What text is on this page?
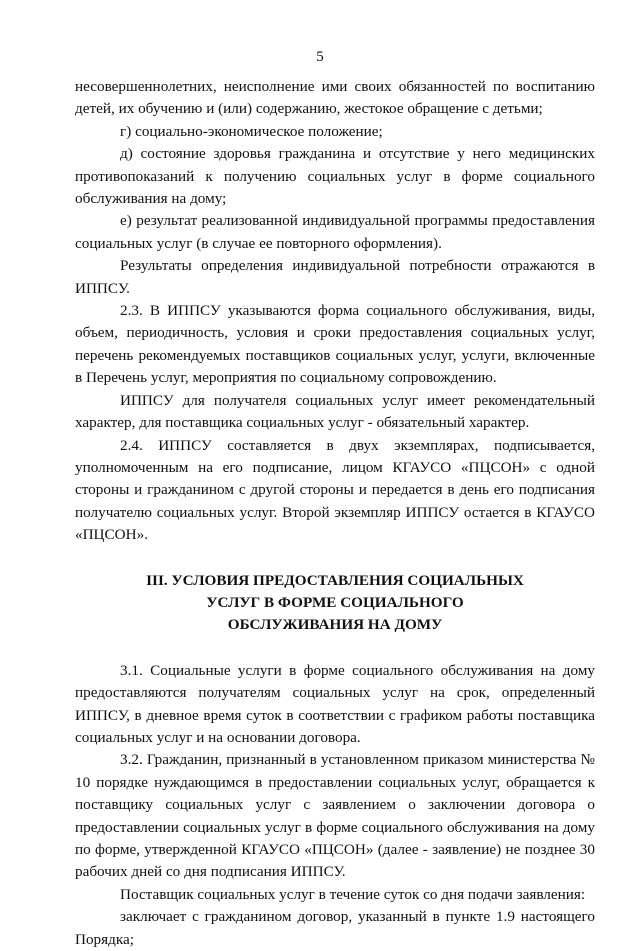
5

несовершеннолетних, неисполнение ими своих обязанностей по воспитанию детей, их обучению и (или) содержанию, жестокое обращение с детьми;

г) социально-экономическое положение;

д) состояние здоровья гражданина и отсутствие у него медицинских противопоказаний к получению социальных услуг в форме социального обслуживания на дому;

е) результат реализованной индивидуальной программы предоставления социальных услуг (в случае ее повторного оформления).

Результаты определения индивидуальной потребности отражаются в ИППСУ.

2.3. В ИППСУ указываются форма социального обслуживания, виды, объем, периодичность, условия и сроки предоставления социальных услуг, перечень рекомендуемых поставщиков социальных услуг, услуги, включенные в Перечень услуг, мероприятия по социальному сопровождению.

ИППСУ для получателя социальных услуг имеет рекомендательный характер, для поставщика социальных услуг - обязательный характер.

2.4. ИППСУ составляется в двух экземплярах, подписывается, уполномоченным на его подписание, лицом КГАУСО «ПЦСОН» с одной стороны и гражданином с другой стороны и передается в день его подписания получателю социальных услуг. Второй экземпляр ИППСУ остается в КГАУСО «ПЦСОН».

III. УСЛОВИЯ ПРЕДОСТАВЛЕНИЯ СОЦИАЛЬНЫХ
УСЛУГ В ФОРМЕ СОЦИАЛЬНОГО
ОБСЛУЖИВАНИЯ НА ДОМУ

3.1. Социальные услуги в форме социального обслуживания на дому предоставляются получателям социальных услуг на срок, определенный ИППСУ, в дневное время суток в соответствии с графиком работы поставщика социальных услуг и на основании договора.

3.2. Гражданин, признанный в установленном приказом министерства № 10 порядке нуждающимся в предоставлении социальных услуг, обращается к поставщику социальных услуг с заявлением о заключении договора о предоставлении социальных услуг в форме социального обслуживания на дому по форме, утвержденной КГАУСО «ПЦСОН» (далее - заявление) не позднее 30 рабочих дней со дня подписания ИППСУ.

Поставщик социальных услуг в течение суток со дня подачи заявления:

заключает с гражданином договор, указанный в пункте 1.9 настоящего Порядка;
